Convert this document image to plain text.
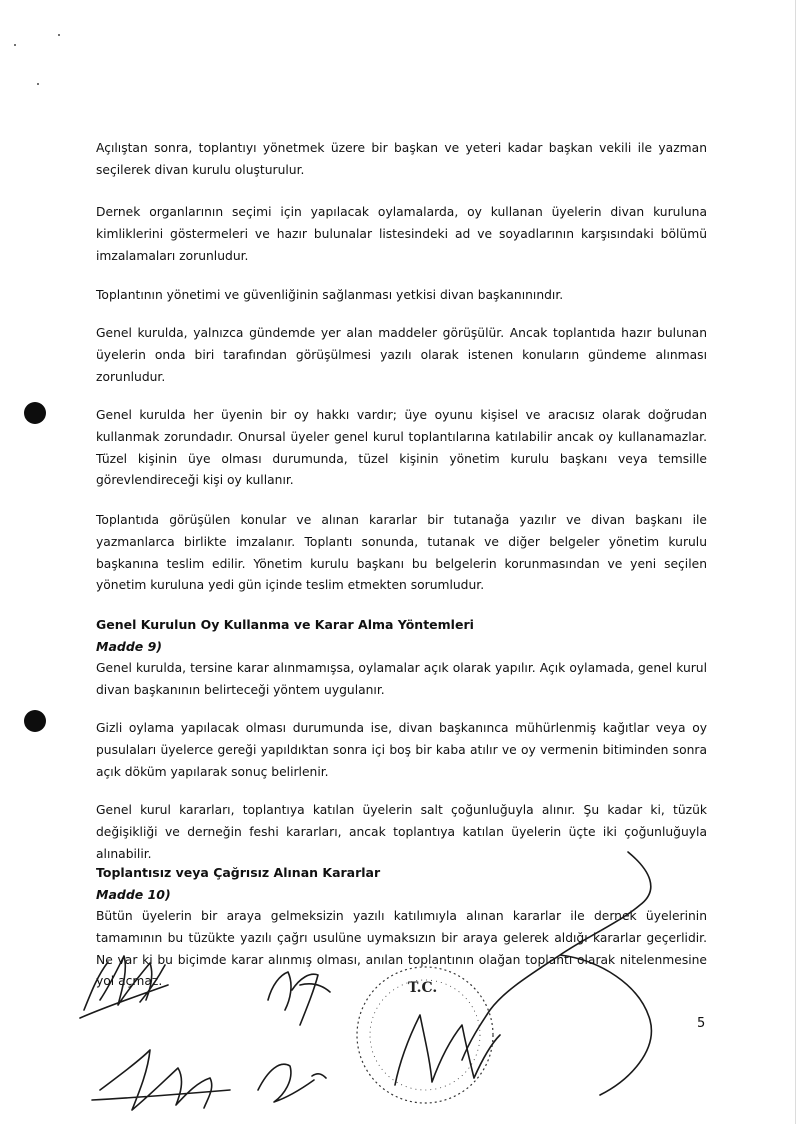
Açılıştan sonra, toplantıyı yönetmek üzere bir başkan ve yeteri kadar başkan vekili ile yazman seçilerek divan kurulu oluşturulur.

Dernek organlarının seçimi için yapılacak oylamalarda, oy kullanan üyelerin divan kuruluna kimliklerini göstermeleri ve hazır bulunalar listesindeki ad ve soyadlarının karşısındaki bölümü imzalamaları zorunludur.

Toplantının yönetimi ve güvenliğinin sağlanması yetkisi divan başkanınındır.

Genel kurulda, yalnızca gündemde yer alan maddeler görüşülür. Ancak toplantıda hazır bulunan üyelerin onda biri tarafından görüşülmesi yazılı olarak istenen konuların gündeme alınması zorunludur.

Genel kurulda her üyenin bir oy hakkı vardır; üye oyunu kişisel ve aracısız olarak doğrudan kullanmak zorundadır. Onursal üyeler genel kurul toplantılarına katılabilir ancak oy kullanamazlar. Tüzel kişinin üye olması durumunda, tüzel kişinin yönetim kurulu başkanı veya temsille görevlendireceği kişi oy kullanır.

Toplantıda görüşülen konular ve alınan kararlar bir tutanağa yazılır ve divan başkanı ile yazmanlarca birlikte imzalanır. Toplantı sonunda, tutanak ve diğer belgeler yönetim kurulu başkanına teslim edilir. Yönetim kurulu başkanı bu belgelerin korunmasından ve yeni seçilen yönetim kuruluna yedi gün içinde teslim etmekten sorumludur.

Genel Kurulun Oy Kullanma ve Karar Alma Yöntemleri
Madde 9)

Genel kurulda, tersine karar alınmamışsa, oylamalar açık olarak yapılır. Açık oylamada, genel kurul divan başkanının belirteceği yöntem uygulanır.

Gizli oylama yapılacak olması durumunda ise, divan başkanınca mühürlenmiş kağıtlar veya oy pusulaları üyelerce gereği yapıldıktan sonra içi boş bir kaba atılır ve oy vermenin bitiminden sonra açık döküm yapılarak sonuç belirlenir.

Genel kurul kararları, toplantıya katılan üyelerin salt çoğunluğuyla alınır. Şu kadar ki, tüzük değişikliği ve derneğin feshi kararları, ancak toplantıya katılan üyelerin üçte iki çoğunluğuyla alınabilir.

Toplantısız veya Çağrısız Alınan Kararlar
Madde 10)

Bütün üyelerin bir araya gelmeksizin yazılı katılımıyla alınan kararlar ile dernek üyelerinin tamamının bu tüzükte yazılı çağrı usulüne uymaksızın bir araya gelerek aldığı kararlar geçerlidir. Ne var ki bu biçimde karar alınmış olması, anılan toplantının olağan toplantı olarak nitelenmesine yol açmaz.	T.C.
5
